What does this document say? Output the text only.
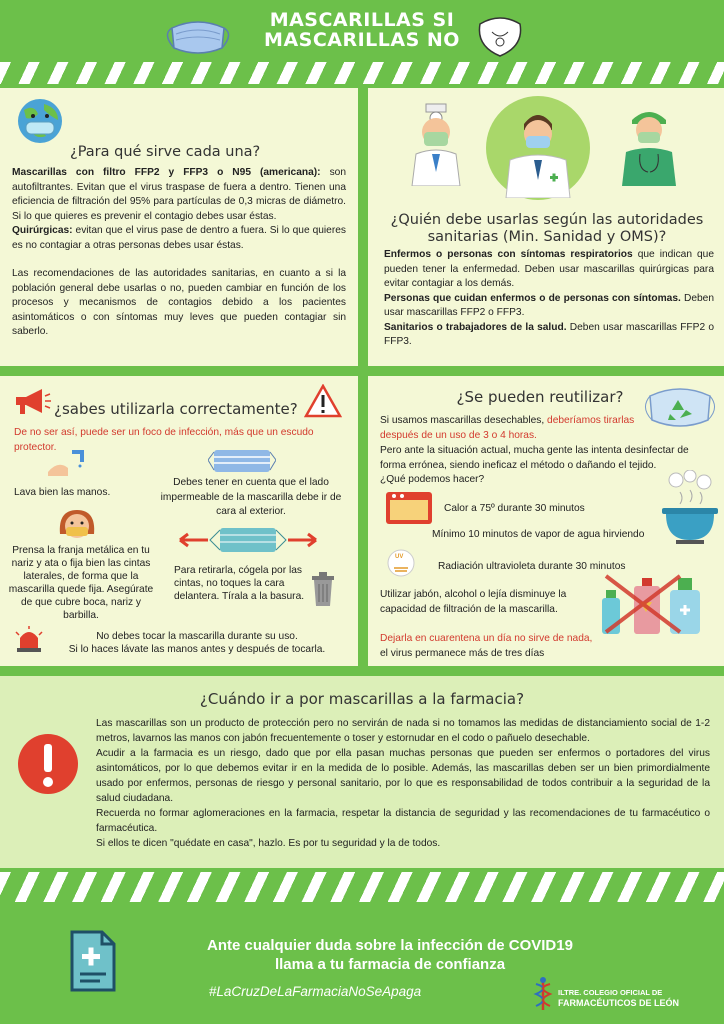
MASCARILLAS SI
MASCARILLAS NO
¿Para qué sirve cada una?
Mascarillas con filtro FFP2 y FFP3 o N95 (americana): son autofiltrantes. Evitan que el virus traspase de fuera a dentro. Tienen una eficiencia de filtración del 95% para partículas de 0,3 micras de diámetro. Si lo que quieres es prevenir el contagio debes usar éstas.
Quirúrgicas: evitan que el virus pase de dentro a fuera. Si lo que quieres es no contagiar a otras personas debes usar éstas.
Las recomendaciones de las autoridades sanitarias, en cuanto a si la población general debe usarlas o no, pueden cambiar en función de los procesos y mecanismos de contagios debido a los pacientes asintomáticos o con síntomas muy leves que pueden contagiar sin saberlo.
¿Quién debe usarlas según las autoridades sanitarias (Min. Sanidad y OMS)?
Enfermos o personas con síntomas respiratorios que indican que pueden tener la enfermedad. Deben usar mascarillas quirúrgicas para evitar contagiar a los demás.
Personas que cuidan enfermos o de personas con síntomas. Deben usar mascarillas FFP2 o FFP3.
Sanitarios o trabajadores de la salud. Deben usar mascarillas FFP2 o FFP3.
¿sabes utilizarla correctamente?
De no ser así, puede ser un foco de infección, más que un escudo protector.
Lava bien las manos.
Debes tener en cuenta que el lado impermeable de la mascarilla debe ir de cara al exterior.
Prensa la franja metálica en tu nariz y ata o fija bien las cintas laterales, de forma que la mascarilla quede fija. Asegúrate de que cubre boca, nariz y barbilla.
Para retirarla, cógela por las cintas, no toques la cara delantera. Tírala a la basura.
No debes tocar la mascarilla durante su uso.
Si lo haces lávate las manos antes y después de tocarla.
¿Se pueden reutilizar?
Si usamos mascarillas desechables, deberíamos tirarlas después de un uso de 3 o 4 horas.
Pero ante la situación actual, mucha gente las intenta desinfectar de forma errónea, siendo ineficaz el método o dañando el tejido.
¿Qué podemos hacer?
Calor a 75º durante 30 minutos
Mínimo 10 minutos de vapor de agua hirviendo
UV
Radiación ultravioleta durante 30 minutos
Utilizar jabón, alcohol o lejía disminuye la capacidad de filtración de la mascarilla.
Dejarla en cuarentena un día no sirve de nada,
el virus permanece más de tres días
¿Cuándo ir a por mascarillas a la farmacia?
Las mascarillas son un producto de protección pero no servirán de nada si no tomamos las medidas de distanciamiento social de 1-2 metros, lavarnos las manos con jabón frecuentemente o toser y estornudar en el codo o pañuelo desechable.
Acudir a la farmacia es un riesgo, dado que por ella pasan muchas personas que pueden ser enfermos o portadores del virus asintomáticos, por lo que debemos evitar ir en la medida de lo posible. Además, las mascarillas deben ser un bien primordialmente usado por enfermos, personas de riesgo y personal sanitario, por lo que es responsabilidad de todos contribuir a la seguridad de la salud ciudadana.
Recuerda no formar aglomeraciones en la farmacia, respetar la distancia de seguridad y las recomendaciones de tu farmacéutico o farmacéutica.
Si ellos te dicen "quédate en casa", hazlo. Es por tu seguridad y la de todos.
Ante cualquier duda sobre la infección de COVID19
llama a tu farmacia de confianza
#LaCruzDeLaFarmaciaNoSeApaga	ILTRE. COLEGIO OFICIAL DE
FARMACÉUTICOS DE LEÓN
